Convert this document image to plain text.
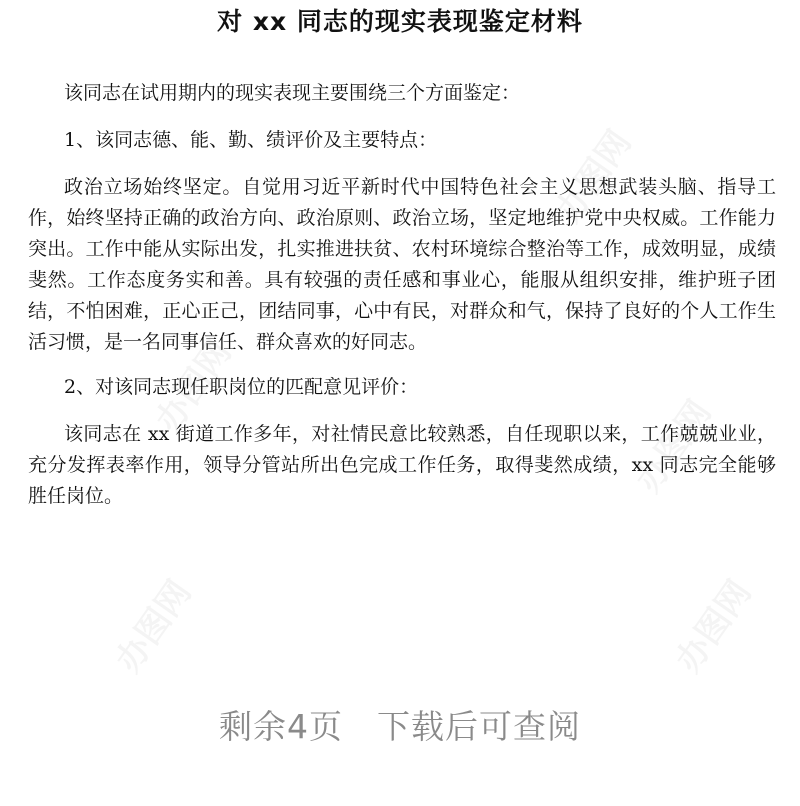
对 xx 同志的现实表现鉴定材料

该同志在试用期内的现实表现主要围绕三个方面鉴定：

1、该同志德、能、勤、绩评价及主要特点：

政治立场始终坚定。自觉用习近平新时代中国特色社会主义思想武装头脑、指导工作，始终坚持正确的政治方向、政治原则、政治立场，坚定地维护党中央权威。工作能力突出。工作中能从实际出发，扎实推进扶贫、农村环境综合整治等工作，成效明显，成绩斐然。工作态度务实和善。具有较强的责任感和事业心，能服从组织安排，维护班子团结，不怕困难，正心正己，团结同事，心中有民，对群众和气，保持了良好的个人工作生活习惯，是一名同事信任、群众喜欢的好同志。

2、对该同志现任职岗位的匹配意见评价：

该同志在 xx 街道工作多年，对社情民意比较熟悉，自任现职以来，工作兢兢业业，充分发挥表率作用，领导分管站所出色完成工作任务，取得斐然成绩，xx 同志完全能够胜任岗位。

剩余4页 下载后可查阅
